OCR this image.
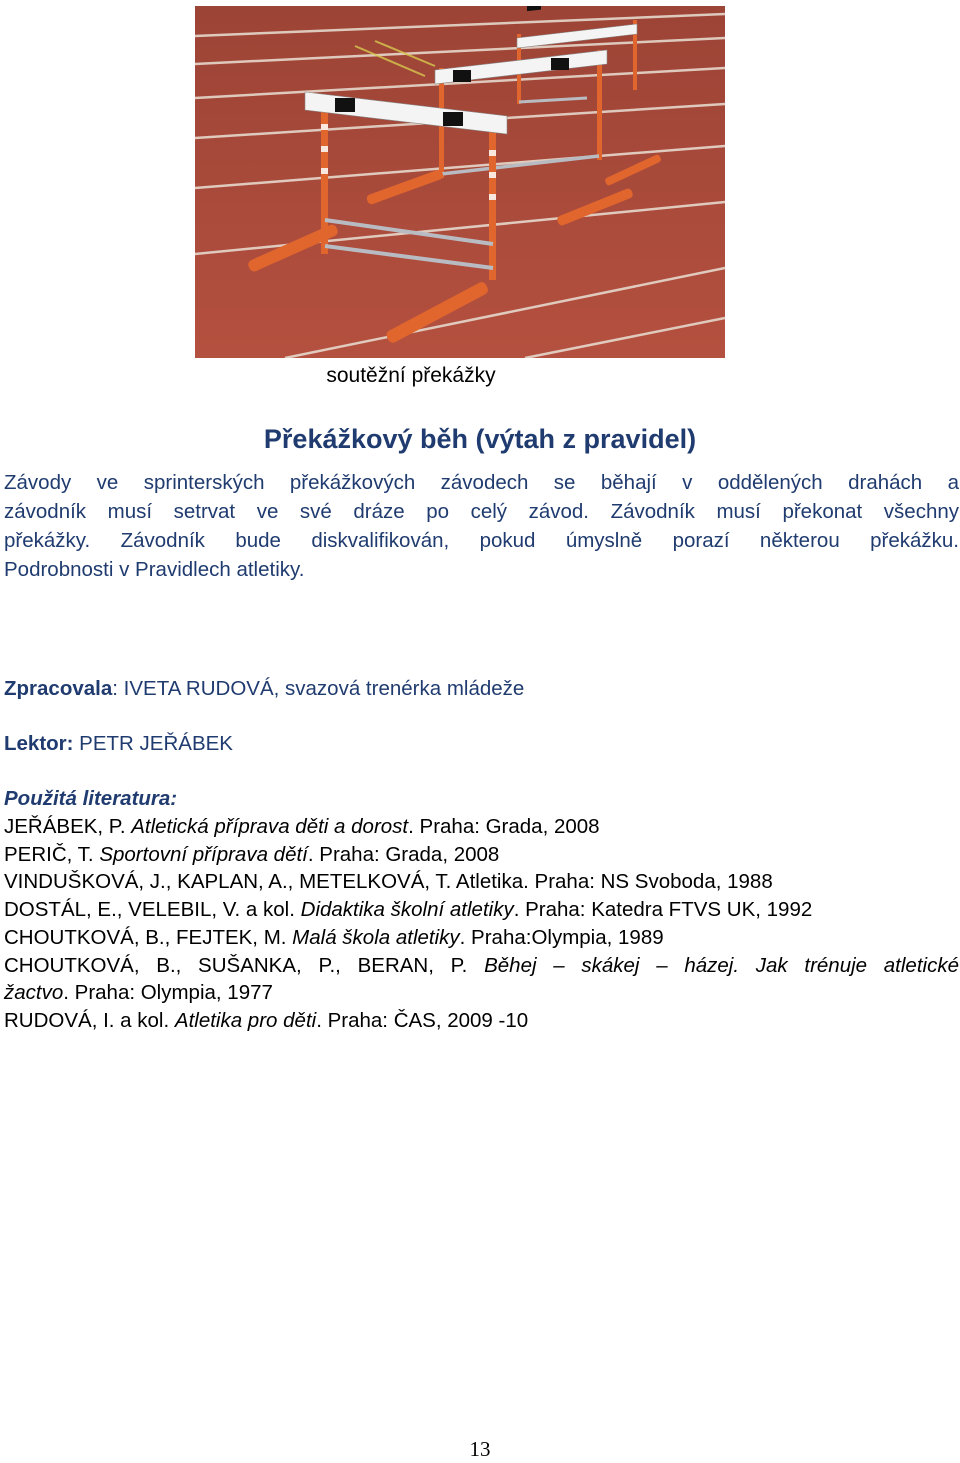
soutěžní překážky
Překážkový běh (výtah z pravidel)
Závody ve sprinterských překážkových závodech se běhají v oddělených drahách a
závodník musí setrvat ve své dráze po celý závod. Závodník musí překonat všechny
překážky. Závodník bude diskvalifikován, pokud úmyslně porazí některou překážku.
Podrobnosti v Pravidlech atletiky.
Zpracovala: IVETA RUDOVÁ, svazová trenérka mládeže
Lektor: PETR JEŘÁBEK
Použitá literatura:
JEŘÁBEK, P. Atletická příprava děti a dorost. Praha: Grada, 2008
PERIČ, T. Sportovní příprava dětí. Praha: Grada, 2008
VINDUŠKOVÁ, J., KAPLAN, A., METELKOVÁ, T. Atletika. Praha: NS Svoboda, 1988
DOSTÁL, E., VELEBIL, V. a kol. Didaktika školní atletiky. Praha: Katedra FTVS UK, 1992
CHOUTKOVÁ, B., FEJTEK, M. Malá škola atletiky. Praha:Olympia, 1989
CHOUTKOVÁ, B., SUŠANKA, P., BERAN, P. Běhej – skákej – házej. Jak trénuje atletické
žactvo. Praha: Olympia, 1977
RUDOVÁ, I. a kol. Atletika pro děti. Praha: ČAS, 2009 -10
13
